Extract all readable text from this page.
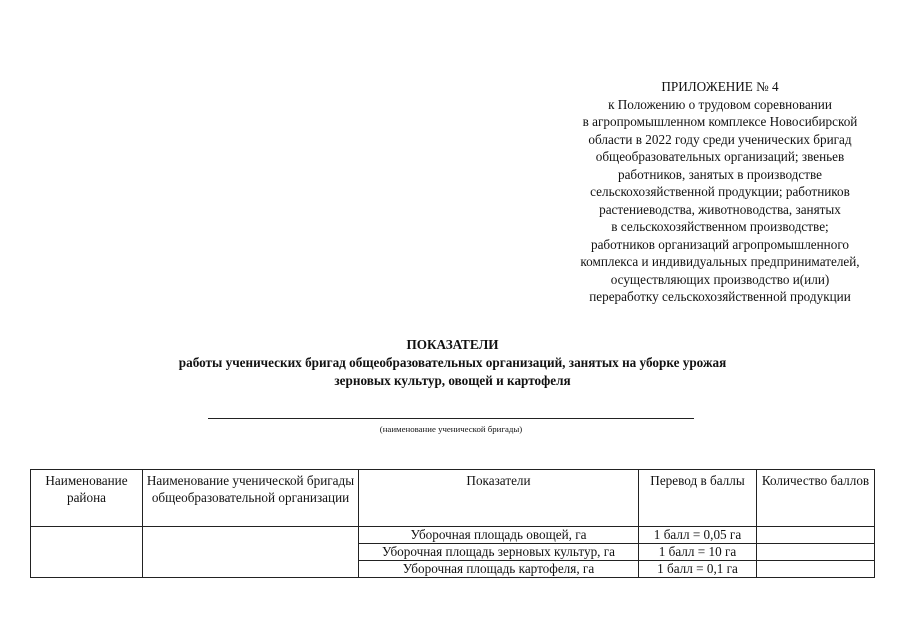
ПРИЛОЖЕНИЕ № 4
к Положению о трудовом соревновании
в агропромышленном комплексе Новосибирской
области в 2022 году среди ученических бригад
общеобразовательных организаций; звеньев
работников, занятых в производстве
сельскохозяйственной продукции; работников
растениеводства, животноводства, занятых
в сельскохозяйственном производстве;
работников организаций агропромышленного
комплекса и индивидуальных предпринимателей,
осуществляющих производство и(или)
переработку сельскохозяйственной продукции
ПОКАЗАТЕЛИ
работы ученических бригад общеобразовательных организаций, занятых на уборке урожая
зерновых культур, овощей и картофеля
(наименование ученической бригады)
Наименование района	Наименование ученической бригады общеобразовательной организации	Показатели	Перевод в баллы	Количество баллов
		Уборочная площадь овощей, га	1 балл = 0,05 га	
		Уборочная площадь зерновых культур, га	1 балл = 10 га	
		Уборочная площадь картофеля, га	1 балл = 0,1 га	
